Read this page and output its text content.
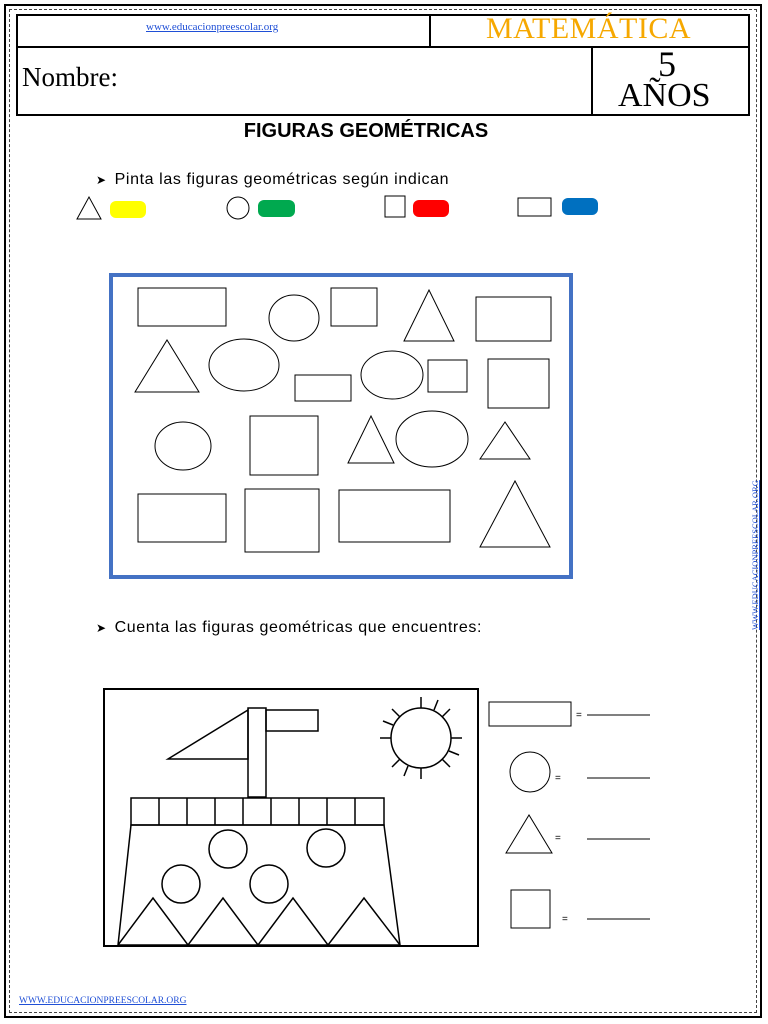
www.educacionpreescolar.org	MATEMÁTICA
Nombre:	5
AÑOS
FIGURAS GEOMÉTRICAS
➤ Pinta las figuras geométricas según indican
➤ Cuenta las figuras geométricas que encuentres:
=
=
=
=
WWW.EDUCACIONPREESCOLAR.ORG
WWW.EDUCACIONPREESCOLAR.ORG
